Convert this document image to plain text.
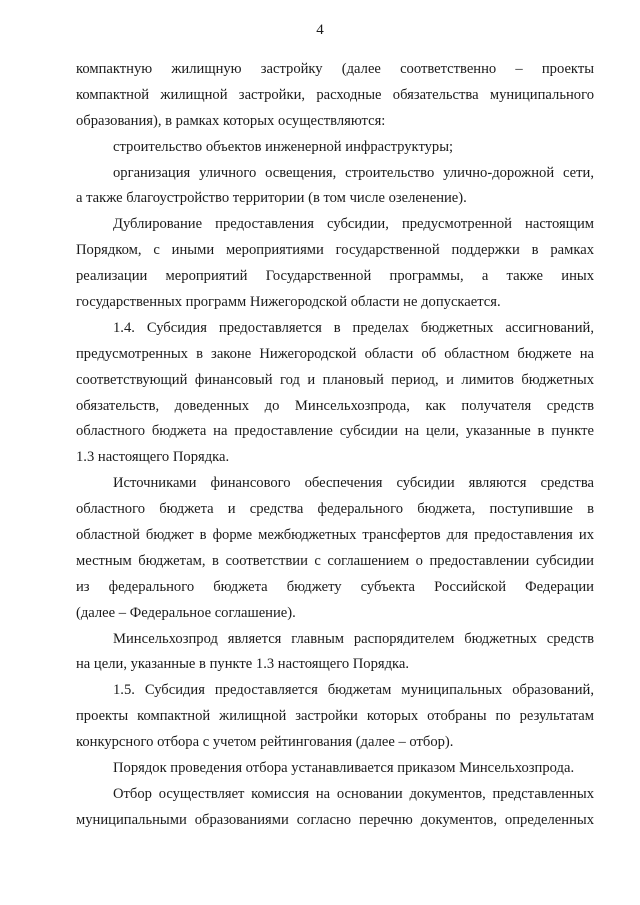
4
компактную жилищную застройку (далее соответственно – проекты
компактной жилищной застройки, расходные обязательства муниципального
образования), в рамках которых осуществляются:
строительство объектов инженерной инфраструктуры;
организация уличного освещения, строительство улично-дорожной сети,
а также благоустройство территории (в том числе озеленение).
Дублирование предоставления субсидии, предусмотренной настоящим
Порядком, с иными мероприятиями государственной поддержки в рамках
реализации мероприятий Государственной программы, а также иных
государственных программ Нижегородской области не допускается.
1.4. Субсидия предоставляется в пределах бюджетных ассигнований,
предусмотренных в законе Нижегородской области об областном бюджете на
соответствующий финансовый год и плановый период, и лимитов бюджетных
обязательств, доведенных до Минсельхозпрода, как получателя средств
областного бюджета на предоставление субсидии на цели, указанные в пункте
1.3 настоящего Порядка.
Источниками финансового обеспечения субсидии являются средства
областного бюджета и средства федерального бюджета, поступившие в
областной бюджет в форме межбюджетных трансфертов для предоставления их
местным бюджетам, в соответствии с соглашением о предоставлении субсидии
из федерального бюджета бюджету субъекта Российской Федерации
(далее – Федеральное соглашение).
Минсельхозпрод является главным распорядителем бюджетных средств
на цели, указанные в пункте 1.3 настоящего Порядка.
1.5. Субсидия предоставляется бюджетам муниципальных образований,
проекты компактной жилищной застройки которых отобраны по результатам
конкурсного отбора с учетом рейтингования (далее – отбор).
Порядок проведения отбора устанавливается приказом Минсельхозпрода.
Отбор осуществляет комиссия на основании документов, представленных
муниципальными образованиями согласно перечню документов, определенных
